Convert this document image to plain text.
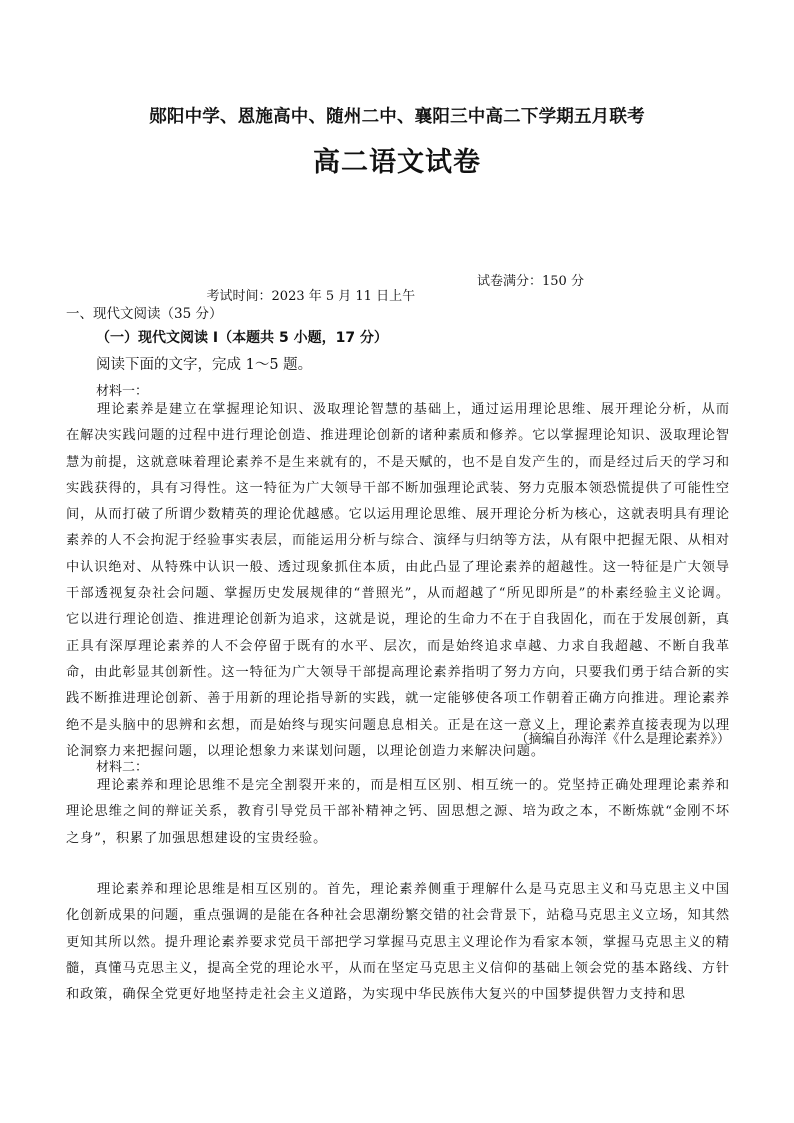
郧阳中学、恩施高中、随州二中、襄阳三中高二下学期五月联考
高二语文试卷

考试时间：2023 年 5 月 11 日上午

试卷满分：150 分

一、现代文阅读（35 分）
（一）现代文阅读 I（本题共 5 小题，17 分）
阅读下面的文字，完成 1～5 题。
材料一：
理论素养是建立在掌握理论知识、汲取理论智慧的基础上，通过运用理论思维、展开理论分析，从而在解决实践问题的过程中进行理论创造、推进理论创新的诸种素质和修养。它以掌握理论知识、汲取理论智慧为前提，这就意味着理论素养不是生来就有的，不是天赋的，也不是自发产生的，而是经过后天的学习和实践获得的，具有习得性。这一特征为广大领导干部不断加强理论武装、努力克服本领恐慌提供了可能性空间，从而打破了所谓少数精英的理论优越感。它以运用理论思维、展开理论分析为核心，这就表明具有理论素养的人不会拘泥于经验事实表层，而能运用分析与综合、演绎与归纳等方法，从有限中把握无限、从相对中认识绝对、从特殊中认识一般、透过现象抓住本质，由此凸显了理论素养的超越性。这一特征是广大领导干部透视复杂社会问题、掌握历史发展规律的“普照光”，从而超越了“所见即所是”的朴素经验主义论调。它以进行理论创造、推进理论创新为追求，这就是说，理论的生命力不在于自我固化，而在于发展创新，真正具有深厚理论素养的人不会停留于既有的水平、层次，而是始终追求卓越、力求自我超越、不断自我革命，由此彰显其创新性。这一特征为广大领导干部提高理论素养指明了努力方向，只要我们勇于结合新的实践不断推进理论创新、善于用新的理论指导新的实践，就一定能够使各项工作朝着正确方向推进。理论素养绝不是头脑中的思辨和玄想，而是始终与现实问题息息相关。正是在这一意义上，理论素养直接表现为以理论洞察力来把握问题，以理论想象力来谋划问题，以理论创造力来解决问题。
（摘编自孙海洋《什么是理论素养》）
材料二：
理论素养和理论思维不是完全割裂开来的，而是相互区别、相互统一的。党坚持正确处理理论素养和理论思维之间的辩证关系，教育引导党员干部补精神之钙、固思想之源、培为政之本，不断炼就“金刚不坏之身”，积累了加强思想建设的宝贵经验。
理论素养和理论思维是相互区别的。首先，理论素养侧重于理解什么是马克思主义和马克思主义中国化创新成果的问题，重点强调的是能在各种社会思潮纷繁交错的社会背景下，站稳马克思主义立场，知其然更知其所以然。提升理论素养要求党员干部把学习掌握马克思主义理论作为看家本领，掌握马克思主义的精髓，真懂马克思主义，提高全党的理论水平，从而在坚定马克思主义信仰的基础上领会党的基本路线、方针和政策，确保全党更好地坚持走社会主义道路，为实现中华民族伟大复兴的中国梦提供智力支持和思
